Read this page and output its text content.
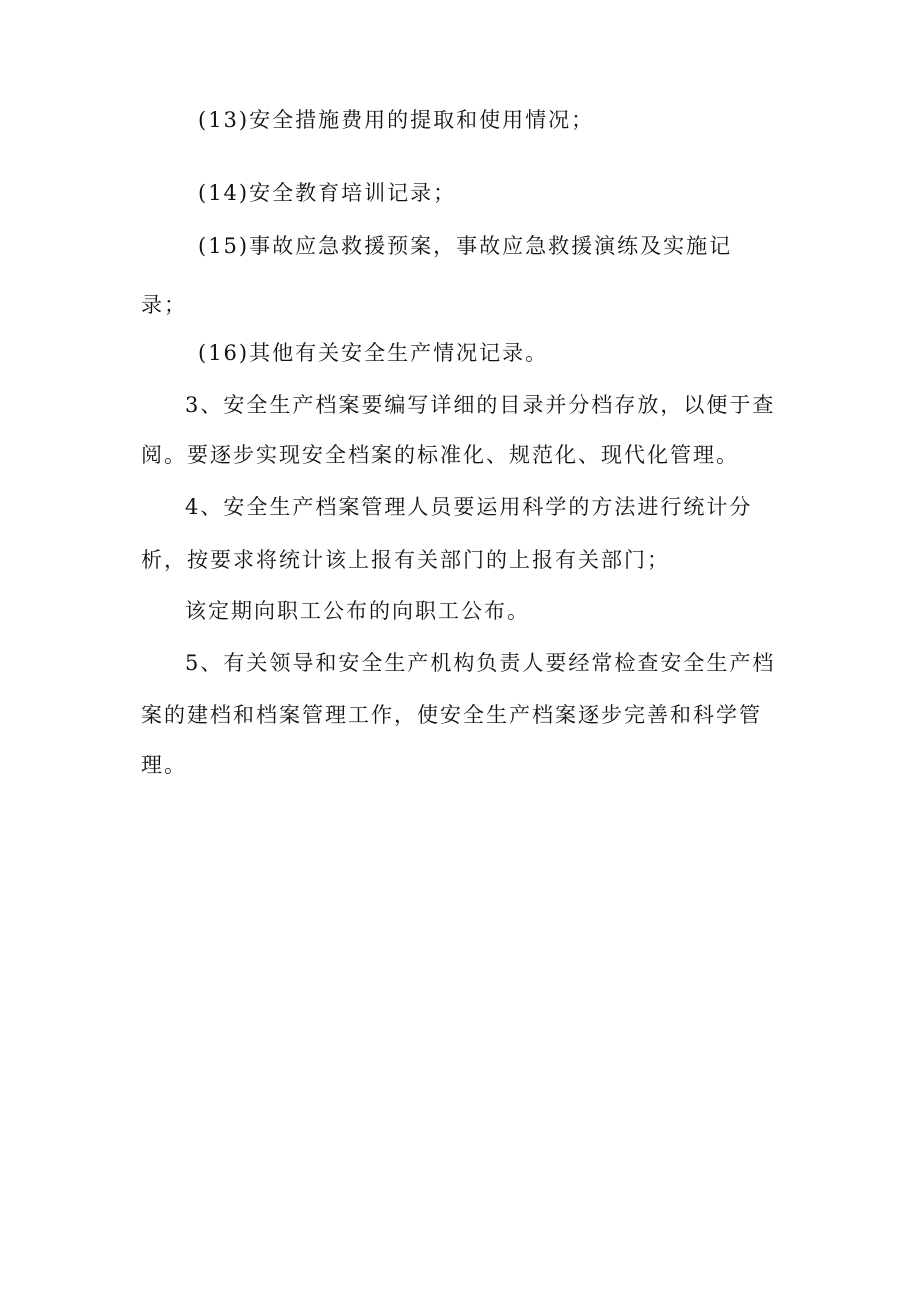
(13)安全措施费用的提取和使用情况；
(14)安全教育培训记录；
(15)事故应急救援预案，事故应急救援演练及实施记
录；
(16)其他有关安全生产情况记录。
3、安全生产档案要编写详细的目录并分档存放，以便于查
阅。要逐步实现安全档案的标准化、规范化、现代化管理。
4、安全生产档案管理人员要运用科学的方法进行统计分
析，按要求将统计该上报有关部门的上报有关部门；
该定期向职工公布的向职工公布。
5、有关领导和安全生产机构负责人要经常检查安全生产档
案的建档和档案管理工作，使安全生产档案逐步完善和科学管
理。
